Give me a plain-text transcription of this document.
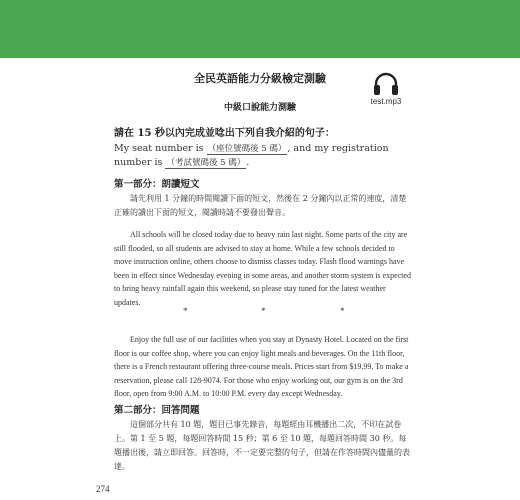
全民英語能力分級檢定測驗
中級口說能力測驗
test.mp3
請在 15 秒以內完成並唸出下列自我介紹的句子：
My seat number is （座位號碼後 5 碼）, and my registration number is （考試號碼後 5 碼）.
第一部分：朗讀短文
請先利用 1 分鐘的時間閱讀下面的短文，然後在 2 分鐘內以正常的速度，清楚正確的讀出下面的短文，閱讀時請不要發出聲音。
All schools will be closed today due to heavy rain last night. Some parts of the city are still flooded, so all students are advised to stay at home. While a few schools decided to move instruction online, others choose to dismiss classes today. Flash flood warnings have been in effect since Wednesday evening in some areas, and another storm system is expected to bring heavy rainfall again this weekend, so please stay tuned for the latest weather updates.
*	*	*
Enjoy the full use of our facilities when you stay at Dynasty Hotel. Located on the first floor is our coffee shop, where you can enjoy light meals and beverages. On the 11th floor, there is a French restaurant offering three-course meals. Prices start from $19.99. To make a reservation, please call 128-9074. For those who enjoy working out, our gym is on the 3rd floor, open from 9:00 A.M. to 10:00 P.M. every day except Wednesday.
第二部分：回答問題
這個部分共有 10 題，題目已事先錄音，每題經由耳機播出二次，不印在試卷上。第 1 至 5 題，每題回答時間 15 秒；第 6 至 10 題，每題回答時間 30 秒。每題播出後，請立即回答。回答時，不一定要完整的句子，但請在作答時間內儘量的表達。
274
